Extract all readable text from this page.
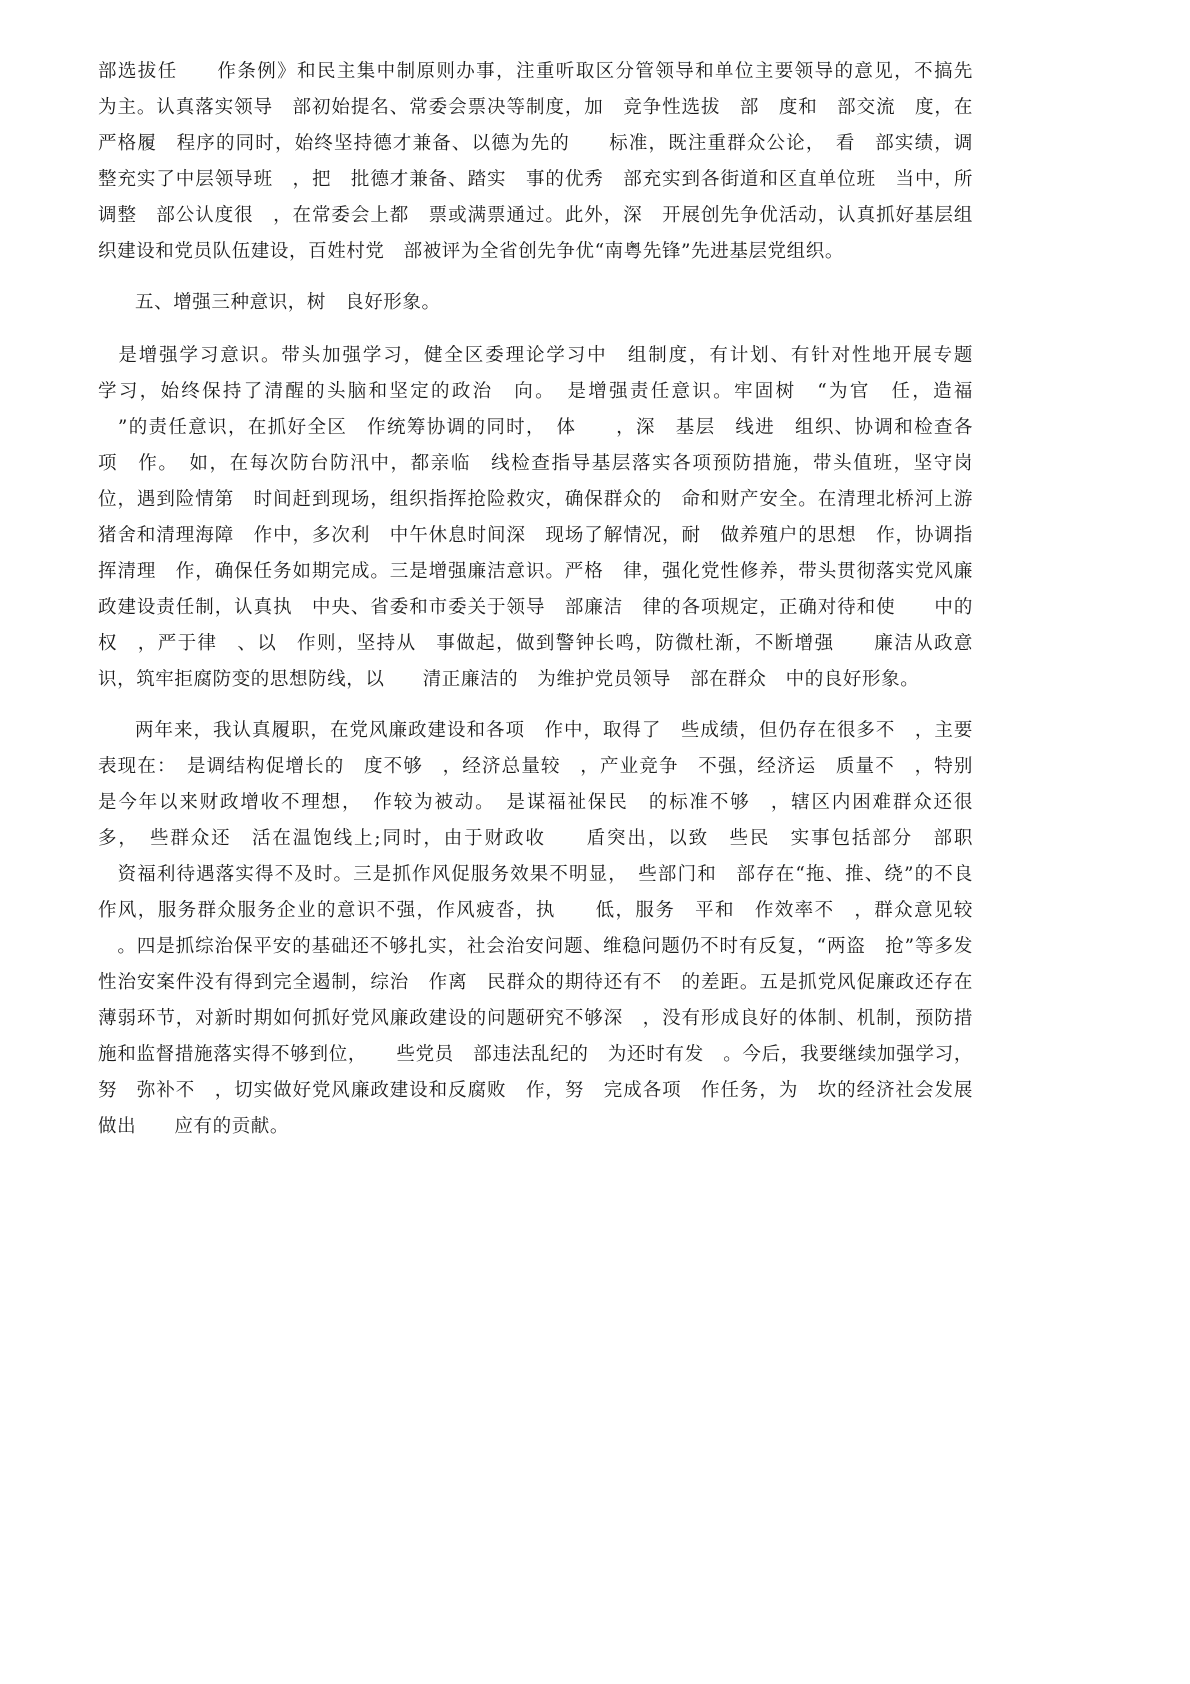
部选拔任　　作条例》和民主集中制原则办事，注重听取区分管领导和单位主要领导的意见，不搞先
为主。认真落实领导　部初始提名、常委会票决等制度，加　竞争性选拔　部　度和　部交流　度，在
严格履　程序的同时，始终坚持德才兼备、以德为先的　　标准，既注重群众公论，　看　部实绩，调
整充实了中层领导班　，把　批德才兼备、踏实　事的优秀　部充实到各街道和区直单位班　当中，所
调整　部公认度很　，在常委会上都　票或满票通过。此外，深　开展创先争优活动，认真抓好基层组
织建设和党员队伍建设，百姓村党　部被评为全省创先争优“南粤先锋”先进基层党组织。
五、增强三种意识，树　良好形象。
　是增强学习意识。带头加强学习，健全区委理论学习中　组制度，有计划、有针对性地开展专题
学习，始终保持了清醒的头脑和坚定的政治　向。　是增强责任意识。牢固树　“为官　任，造福
　”的责任意识，在抓好全区　作统筹协调的同时，　体　　，深　基层　线进　组织、协调和检查各
项　作。　如，在每次防台防汛中，都亲临　线检查指导基层落实各项预防措施，带头值班，坚守岗
位，遇到险情第　时间赶到现场，组织指挥抢险救灾，确保群众的　命和财产安全。在清理北桥河上游
猪舍和清理海障　作中，多次利　中午休息时间深　现场了解情况，耐　做养殖户的思想　作，协调指
挥清理　作，确保任务如期完成。三是增强廉洁意识。严格　律，强化党性修养，带头贯彻落实党风廉
政建设责任制，认真执　中央、省委和市委关于领导　部廉洁　律的各项规定，正确对待和使　　中的
权　，严于律　、以　作则，坚持从　事做起，做到警钟长鸣，防微杜渐，不断增强　　廉洁从政意
识，筑牢拒腐防变的思想防线，以　　清正廉洁的　为维护党员领导　部在群众　中的良好形象。
两年来，我认真履职，在党风廉政建设和各项　作中，取得了　些成绩，但仍存在很多不　，主要
表现在：　是调结构促增长的　度不够　，经济总量较　，产业竞争　不强，经济运　质量不　，特别
是今年以来财政增收不理想，　作较为被动。　是谋福祉保民　的标准不够　，辖区内困难群众还很
多，　些群众还　活在温饱线上;同时，由于财政收　　盾突出，以致　些民　实事包括部分　部职
　资福利待遇落实得不及时。三是抓作风促服务效果不明显，　些部门和　部存在“拖、推、绕”的不良
作风，服务群众服务企业的意识不强，作风疲沓，执　　低，服务　平和　作效率不　，群众意见较
　。四是抓综治保平安的基础还不够扎实，社会治安问题、维稳问题仍不时有反复，“两盗　抢”等多发
性治安案件没有得到完全遏制，综治　作离　民群众的期待还有不　的差距。五是抓党风促廉政还存在
薄弱环节，对新时期如何抓好党风廉政建设的问题研究不够深　，没有形成良好的体制、机制，预防措
施和监督措施落实得不够到位，　　些党员　部违法乱纪的　为还时有发　。今后，我要继续加强学习，
努　弥补不　，切实做好党风廉政建设和反腐败　作，努　完成各项　作任务，为　坎的经济社会发展
做出　　应有的贡献。
